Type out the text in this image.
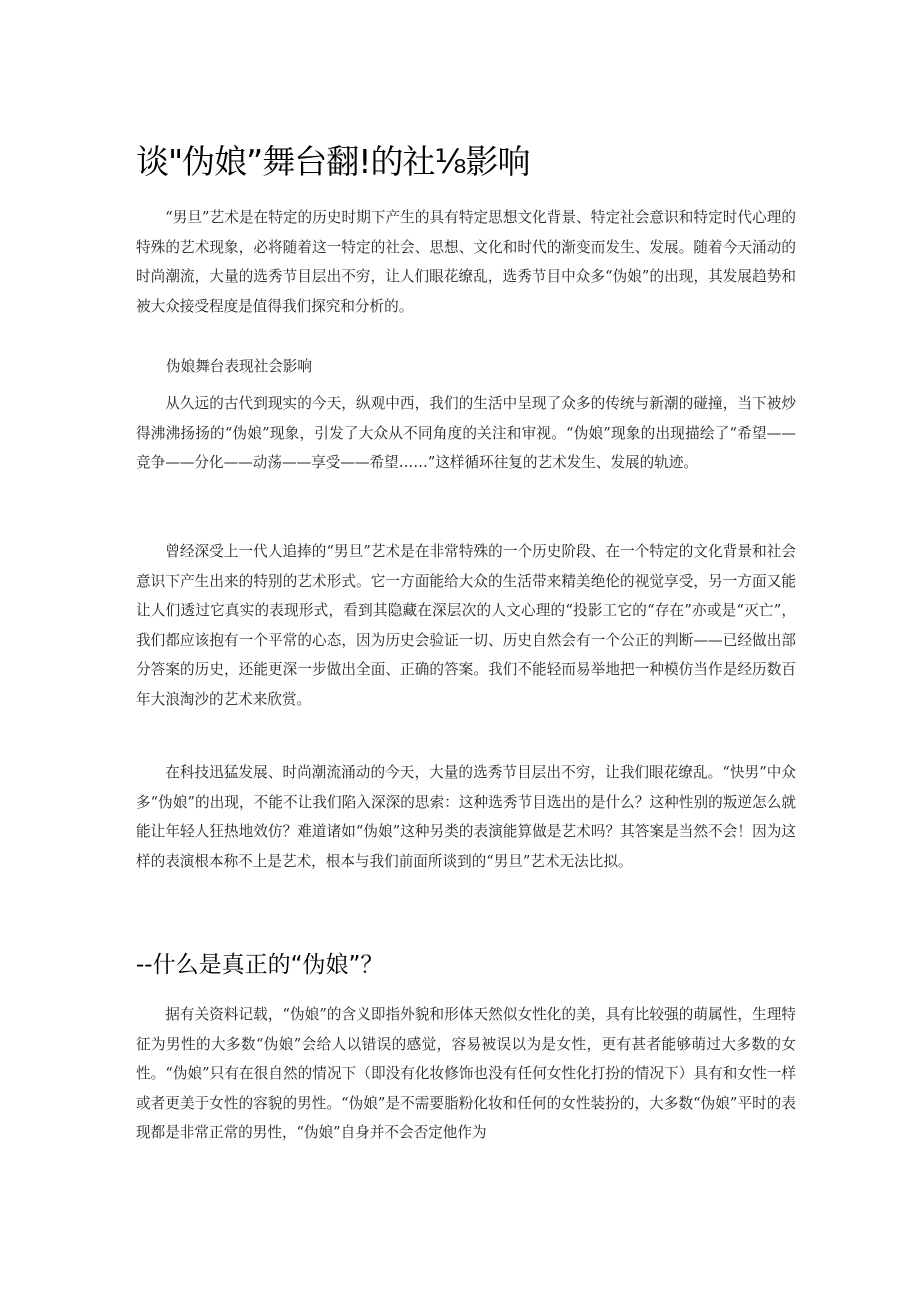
谈"伪娘”舞台翻!的社⅛影响

“男旦”艺术是在特定的历史时期下产生的具有特定思想文化背景、特定社会意识和特定时代心理的特殊的艺术现象，必将随着这一特定的社会、思想、文化和时代的渐变而发生、发展。随着今天涌动的时尚潮流，大量的选秀节目层出不穷，让人们眼花缭乱，选秀节目中众多“伪娘”的出现，其发展趋势和被大众接受程度是值得我们探究和分析的。

伪娘舞台表现社会影响

从久远的古代到现实的今天，纵观中西，我们的生活中呈现了众多的传统与新潮的碰撞，当下被炒得沸沸扬扬的“伪娘”现象，引发了大众从不同角度的关注和审视。“伪娘”现象的出现描绘了“希望——竞争——分化——动荡——享受——希望……”这样循环往复的艺术发生、发展的轨迹。

曾经深受上一代人追捧的“男旦”艺术是在非常特殊的一个历史阶段、在一个特定的文化背景和社会意识下产生出来的特别的艺术形式。它一方面能给大众的生活带来精美绝伦的视觉享受，另一方面又能让人们透过它真实的表现形式，看到其隐藏在深层次的人文心理的“投影工它的“存在”亦或是“灭亡”，我们都应该抱有一个平常的心态，因为历史会验证一切、历史自然会有一个公正的判断——已经做出部分答案的历史，还能更深一步做出全面、正确的答案。我们不能轻而易举地把一种模仿当作是经历数百年大浪淘沙的艺术来欣赏。

在科技迅猛发展、时尚潮流涌动的今天，大量的选秀节目层出不穷，让我们眼花缭乱。“快男”中众多“伪娘”的出现，不能不让我们陷入深深的思索：这种选秀节目选出的是什么？这种性别的叛逆怎么就能让年轻人狂热地效仿？难道诸如“伪娘”这种另类的表演能算做是艺术吗？其答案是当然不会！因为这样的表演根本称不上是艺术，根本与我们前面所谈到的“男旦”艺术无法比拟。

--什么是真正的“伪娘”？

据有关资料记载，“伪娘”的含义即指外貌和形体天然似女性化的美，具有比较强的萌属性，生理特征为男性的大多数“伪娘”会给人以错误的感觉，容易被误以为是女性，更有甚者能够萌过大多数的女性。“伪娘”只有在很自然的情况下（即没有化妆修饰也没有任何女性化打扮的情况下）具有和女性一样或者更美于女性的容貌的男性。“伪娘”是不需要脂粉化妆和任何的女性装扮的，大多数“伪娘”平时的表现都是非常正常的男性，“伪娘”自身并不会否定他作为
